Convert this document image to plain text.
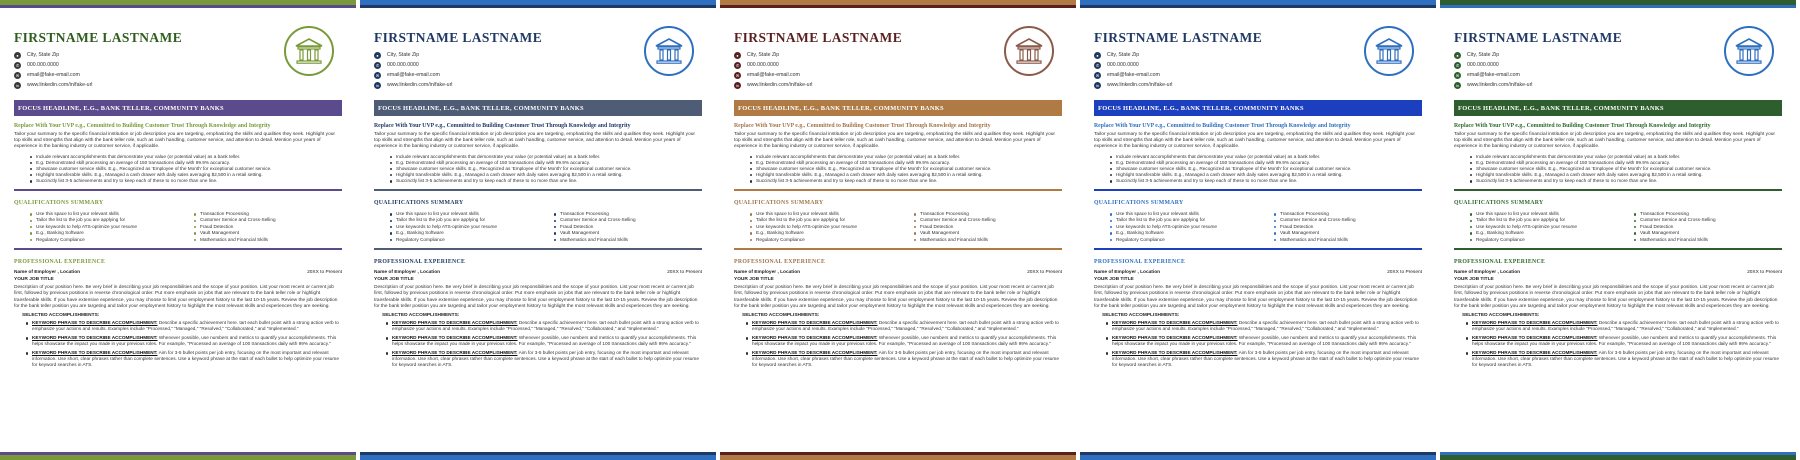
FIRSTNAME LASTNAME
●	City, State Zip
✆	000.000.0000
✉	email@fake-email.com
in	www.linkedin.com/in/fake-url
FOCUS HEADLINE, E.G., BANK TELLER, COMMUNITY BANKS
Replace With Your UVP e.g., Committed to Building Customer Trust Through Knowledge and Integrity
Tailor your summary to the specific financial institution or job description you are targeting, emphasizing the skills and qualities they seek. Highlight your top skills and strengths that align with the bank teller role, such as cash handling, customer service, and attention to detail. Mention your years of experience in the banking industry or customer service, if applicable.
Include relevant accomplishments that demonstrate your value (or potential value) as a bank teller.
E.g. Demonstrated skill processing an average of 150 transactions daily with 99.9% accuracy.
Showcase customer service skills. E.g., Recognized as 'Employee of the Month' for exceptional customer service.
Highlight transferable skills. E.g., Managed a cash drawer with daily sales averaging $2,500 in a retail setting.
Succinctly list 3-5 achievements and try to keep each of these to no more than one line.
QUALIFICATIONS SUMMARY
Use this space to list your relevant skills
Tailor the list to the job you are applying for
Use keywords to help ATS-optimize your resume
E.g., Banking Software
Regulatory Compliance
Transaction Processing
Customer Service and Cross-Selling
Fraud Detection
Vault Management
Mathematics and Financial Skills
PROFESSIONAL EXPERIENCE
Name of Employer , Location	20XX to Present
YOUR JOB TITLE
Description of your position here. Be very brief in describing your job responsibilities and the scope of your position. List your most recent or current job first, followed by previous positions in reverse chronological order. Put more emphasis on jobs that are relevant to the bank teller role or highlight transferable skills. If you have extensive experience, you may choose to limit your employment history to the last 10-15 years. Review the job description for the bank teller position you are targeting and tailor your employment history to highlight the most relevant skills and experiences they are seeking.
SELECTED ACCOMPLISHMENTS:
KEYWORD PHRASE TO DESCRIBE ACCOMPLISHMENT: Describe a specific achievement here. tart each bullet point with a strong action verb to emphasize your actions and results. Examples include "Processed," "Managed," "Resolved," "Collaborated," and "Implemented."
KEYWORD PHRASE TO DESCRIBE ACCOMPLISHMENT: Whenever possible, use numbers and metrics to quantify your accomplishments. This helps showcase the impact you made in your previous roles. For example, "Processed an average of 100 transactions daily with 99% accuracy."
KEYWORD PHRASE TO DESCRIBE ACCOMPLISHMENT: Aim for 3-5 bullet points per job entry, focusing on the most important and relevant information. Use short, clear phrases rather than complete sentences. Use a keyword phrase at the start of each bullet to help optimize your resume for keyword searches in ATS.
FIRSTNAME LASTNAME
●	City, State Zip
✆	000.000.0000
✉	email@fake-email.com
in	www.linkedin.com/in/fake-url
FOCUS HEADLINE, E.G., BANK TELLER, COMMUNITY BANKS
Replace With Your UVP e.g., Committed to Building Customer Trust Through Knowledge and Integrity
Tailor your summary to the specific financial institution or job description you are targeting, emphasizing the skills and qualities they seek. Highlight your top skills and strengths that align with the bank teller role, such as cash handling, customer service, and attention to detail. Mention your years of experience in the banking industry or customer service, if applicable.
Include relevant accomplishments that demonstrate your value (or potential value) as a bank teller.
E.g. Demonstrated skill processing an average of 150 transactions daily with 99.9% accuracy.
Showcase customer service skills. E.g., Recognized as 'Employee of the Month' for exceptional customer service.
Highlight transferable skills. E.g., Managed a cash drawer with daily sales averaging $2,500 in a retail setting.
Succinctly list 3-5 achievements and try to keep each of these to no more than one line.
QUALIFICATIONS SUMMARY
Use this space to list your relevant skills
Tailor the list to the job you are applying for
Use keywords to help ATS-optimize your resume
E.g., Banking Software
Regulatory Compliance
Transaction Processing
Customer Service and Cross-Selling
Fraud Detection
Vault Management
Mathematics and Financial Skills
PROFESSIONAL EXPERIENCE
Name of Employer , Location	20XX to Present
YOUR JOB TITLE
Description of your position here. Be very brief in describing your job responsibilities and the scope of your position. List your most recent or current job first, followed by previous positions in reverse chronological order. Put more emphasis on jobs that are relevant to the bank teller role or highlight transferable skills. If you have extensive experience, you may choose to limit your employment history to the last 10-15 years. Review the job description for the bank teller position you are targeting and tailor your employment history to highlight the most relevant skills and experiences they are seeking.
SELECTED ACCOMPLISHMENTS:
KEYWORD PHRASE TO DESCRIBE ACCOMPLISHMENT: Describe a specific achievement here. tart each bullet point with a strong action verb to emphasize your actions and results. Examples include "Processed," "Managed," "Resolved," "Collaborated," and "Implemented."
KEYWORD PHRASE TO DESCRIBE ACCOMPLISHMENT: Whenever possible, use numbers and metrics to quantify your accomplishments. This helps showcase the impact you made in your previous roles. For example, "Processed an average of 100 transactions daily with 99% accuracy."
KEYWORD PHRASE TO DESCRIBE ACCOMPLISHMENT: Aim for 3-5 bullet points per job entry, focusing on the most important and relevant information. Use short, clear phrases rather than complete sentences. Use a keyword phrase at the start of each bullet to help optimize your resume for keyword searches in ATS.
FIRSTNAME LASTNAME
●	City, State Zip
✆	000.000.0000
✉	email@fake-email.com
in	www.linkedin.com/in/fake-url
FOCUS HEADLINE, E.G., BANK TELLER, COMMUNITY BANKS
Replace With Your UVP e.g., Committed to Building Customer Trust Through Knowledge and Integrity
Tailor your summary to the specific financial institution or job description you are targeting, emphasizing the skills and qualities they seek. Highlight your top skills and strengths that align with the bank teller role, such as cash handling, customer service, and attention to detail. Mention your years of experience in the banking industry or customer service, if applicable.
Include relevant accomplishments that demonstrate your value (or potential value) as a bank teller.
E.g. Demonstrated skill processing an average of 150 transactions daily with 99.9% accuracy.
Showcase customer service skills. E.g., Recognized as 'Employee of the Month' for exceptional customer service.
Highlight transferable skills. E.g., Managed a cash drawer with daily sales averaging $2,500 in a retail setting.
Succinctly list 3-5 achievements and try to keep each of these to no more than one line.
QUALIFICATIONS SUMMARY
Use this space to list your relevant skills
Tailor the list to the job you are applying for
Use keywords to help ATS-optimize your resume
E.g., Banking Software
Regulatory Compliance
Transaction Processing
Customer Service and Cross-Selling
Fraud Detection
Vault Management
Mathematics and Financial Skills
PROFESSIONAL EXPERIENCE
Name of Employer , Location	20XX to Present
YOUR JOB TITLE
Description of your position here. Be very brief in describing your job responsibilities and the scope of your position. List your most recent or current job first, followed by previous positions in reverse chronological order. Put more emphasis on jobs that are relevant to the bank teller role or highlight transferable skills. If you have extensive experience, you may choose to limit your employment history to the last 10-15 years. Review the job description for the bank teller position you are targeting and tailor your employment history to highlight the most relevant skills and experiences they are seeking.
SELECTED ACCOMPLISHMENTS:
KEYWORD PHRASE TO DESCRIBE ACCOMPLISHMENT: Describe a specific achievement here. tart each bullet point with a strong action verb to emphasize your actions and results. Examples include "Processed," "Managed," "Resolved," "Collaborated," and "Implemented."
KEYWORD PHRASE TO DESCRIBE ACCOMPLISHMENT: Whenever possible, use numbers and metrics to quantify your accomplishments. This helps showcase the impact you made in your previous roles. For example, "Processed an average of 100 transactions daily with 99% accuracy."
KEYWORD PHRASE TO DESCRIBE ACCOMPLISHMENT: Aim for 3-5 bullet points per job entry, focusing on the most important and relevant information. Use short, clear phrases rather than complete sentences. Use a keyword phrase at the start of each bullet to help optimize your resume for keyword searches in ATS.
FIRSTNAME LASTNAME
●	City, State Zip
✆	000.000.0000
✉	email@fake-email.com
in	www.linkedin.com/in/fake-url
FOCUS HEADLINE, E.G., BANK TELLER, COMMUNITY BANKS
Replace With Your UVP e.g., Committed to Building Customer Trust Through Knowledge and Integrity
Tailor your summary to the specific financial institution or job description you are targeting, emphasizing the skills and qualities they seek. Highlight your top skills and strengths that align with the bank teller role, such as cash handling, customer service, and attention to detail. Mention your years of experience in the banking industry or customer service, if applicable.
Include relevant accomplishments that demonstrate your value (or potential value) as a bank teller.
E.g. Demonstrated skill processing an average of 150 transactions daily with 99.9% accuracy.
Showcase customer service skills. E.g., Recognized as 'Employee of the Month' for exceptional customer service.
Highlight transferable skills. E.g., Managed a cash drawer with daily sales averaging $2,500 in a retail setting.
Succinctly list 3-5 achievements and try to keep each of these to no more than one line.
QUALIFICATIONS SUMMARY
Use this space to list your relevant skills
Tailor the list to the job you are applying for
Use keywords to help ATS-optimize your resume
E.g., Banking Software
Regulatory Compliance
Transaction Processing
Customer Service and Cross-Selling
Fraud Detection
Vault Management
Mathematics and Financial Skills
PROFESSIONAL EXPERIENCE
Name of Employer , Location	20XX to Present
YOUR JOB TITLE
Description of your position here. Be very brief in describing your job responsibilities and the scope of your position. List your most recent or current job first, followed by previous positions in reverse chronological order. Put more emphasis on jobs that are relevant to the bank teller role or highlight transferable skills. If you have extensive experience, you may choose to limit your employment history to the last 10-15 years. Review the job description for the bank teller position you are targeting and tailor your employment history to highlight the most relevant skills and experiences they are seeking.
SELECTED ACCOMPLISHMENTS:
KEYWORD PHRASE TO DESCRIBE ACCOMPLISHMENT: Describe a specific achievement here. tart each bullet point with a strong action verb to emphasize your actions and results. Examples include "Processed," "Managed," "Resolved," "Collaborated," and "Implemented."
KEYWORD PHRASE TO DESCRIBE ACCOMPLISHMENT: Whenever possible, use numbers and metrics to quantify your accomplishments. This helps showcase the impact you made in your previous roles. For example, "Processed an average of 100 transactions daily with 99% accuracy."
KEYWORD PHRASE TO DESCRIBE ACCOMPLISHMENT: Aim for 3-5 bullet points per job entry, focusing on the most important and relevant information. Use short, clear phrases rather than complete sentences. Use a keyword phrase at the start of each bullet to help optimize your resume for keyword searches in ATS.
FIRSTNAME LASTNAME
●	City, State Zip
✆	000.000.0000
✉	email@fake-email.com
in	www.linkedin.com/in/fake-url
FOCUS HEADLINE, E.G., BANK TELLER, COMMUNITY BANKS
Replace With Your UVP e.g., Committed to Building Customer Trust Through Knowledge and Integrity
Tailor your summary to the specific financial institution or job description you are targeting, emphasizing the skills and qualities they seek. Highlight your top skills and strengths that align with the bank teller role, such as cash handling, customer service, and attention to detail. Mention your years of experience in the banking industry or customer service, if applicable.
Include relevant accomplishments that demonstrate your value (or potential value) as a bank teller.
E.g. Demonstrated skill processing an average of 150 transactions daily with 99.9% accuracy.
Showcase customer service skills. E.g., Recognized as 'Employee of the Month' for exceptional customer service.
Highlight transferable skills. E.g., Managed a cash drawer with daily sales averaging $2,500 in a retail setting.
Succinctly list 3-5 achievements and try to keep each of these to no more than one line.
QUALIFICATIONS SUMMARY
Use this space to list your relevant skills
Tailor the list to the job you are applying for
Use keywords to help ATS-optimize your resume
E.g., Banking Software
Regulatory Compliance
Transaction Processing
Customer Service and Cross-Selling
Fraud Detection
Vault Management
Mathematics and Financial Skills
PROFESSIONAL EXPERIENCE
Name of Employer , Location	20XX to Present
YOUR JOB TITLE
Description of your position here. Be very brief in describing your job responsibilities and the scope of your position. List your most recent or current job first, followed by previous positions in reverse chronological order. Put more emphasis on jobs that are relevant to the bank teller role or highlight transferable skills. If you have extensive experience, you may choose to limit your employment history to the last 10-15 years. Review the job description for the bank teller position you are targeting and tailor your employment history to highlight the most relevant skills and experiences they are seeking.
SELECTED ACCOMPLISHMENTS:
KEYWORD PHRASE TO DESCRIBE ACCOMPLISHMENT: Describe a specific achievement here. tart each bullet point with a strong action verb to emphasize your actions and results. Examples include "Processed," "Managed," "Resolved," "Collaborated," and "Implemented."
KEYWORD PHRASE TO DESCRIBE ACCOMPLISHMENT: Whenever possible, use numbers and metrics to quantify your accomplishments. This helps showcase the impact you made in your previous roles. For example, "Processed an average of 100 transactions daily with 99% accuracy."
KEYWORD PHRASE TO DESCRIBE ACCOMPLISHMENT: Aim for 3-5 bullet points per job entry, focusing on the most important and relevant information. Use short, clear phrases rather than complete sentences. Use a keyword phrase at the start of each bullet to help optimize your resume for keyword searches in ATS.
